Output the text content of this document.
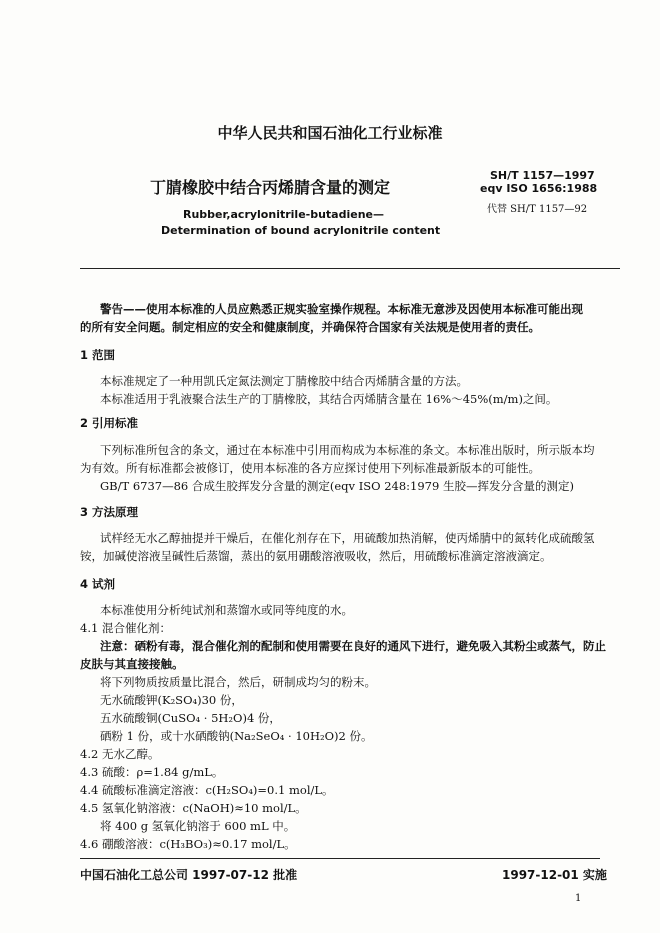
中华人民共和国石油化工行业标准
丁腈橡胶中结合丙烯腈含量的测定
SH/T 1157—1997
eqv ISO 1656:1988
代替 SH/T 1157—92
Rubber,acrylonitrile-butadiene—
Determination of bound acrylonitrile content
警告——使用本标准的人员应熟悉正规实验室操作规程。本标准无意涉及因使用本标准可能出现
的所有安全问题。制定相应的安全和健康制度，并确保符合国家有关法规是使用者的责任。
1 范围
本标准规定了一种用凯氏定氮法测定丁腈橡胶中结合丙烯腈含量的方法。
本标准适用于乳液聚合法生产的丁腈橡胶，其结合丙烯腈含量在 16%～45%(m/m)之间。
2 引用标准
下列标准所包含的条文，通过在本标准中引用而构成为本标准的条文。本标准出版时，所示版本均
为有效。所有标准都会被修订，使用本标准的各方应探讨使用下列标准最新版本的可能性。
GB/T 6737—86 合成生胶挥发分含量的测定(eqv ISO 248:1979 生胶—挥发分含量的测定)
3 方法原理
试样经无水乙醇抽提并干燥后，在催化剂存在下，用硫酸加热消解，使丙烯腈中的氮转化成硫酸氢
铵，加碱使溶液呈碱性后蒸馏，蒸出的氨用硼酸溶液吸收，然后，用硫酸标准滴定溶液滴定。
4 试剂
本标准使用分析纯试剂和蒸馏水或同等纯度的水。
4.1 混合催化剂：
注意：硒粉有毒，混合催化剂的配制和使用需要在良好的通风下进行，避免吸入其粉尘或蒸气，防止
皮肤与其直接接触。
将下列物质按质量比混合，然后，研制成均匀的粉末。
无水硫酸钾(K₂SO₄)30 份，
五水硫酸铜(CuSO₄ · 5H₂O)4 份，
硒粉 1 份，或十水硒酸钠(Na₂SeO₄ · 10H₂O)2 份。
4.2 无水乙醇。
4.3 硫酸：ρ=1.84 g/mL。
4.4 硫酸标准滴定溶液：c(H₂SO₄)=0.1 mol/L。
4.5 氢氧化钠溶液：c(NaOH)≈10 mol/L。
将 400 g 氢氧化钠溶于 600 mL 中。
4.6 硼酸溶液：c(H₃BO₃)≈0.17 mol/L。
中国石油化工总公司 1997-07-12 批准	1997-12-01 实施
1
